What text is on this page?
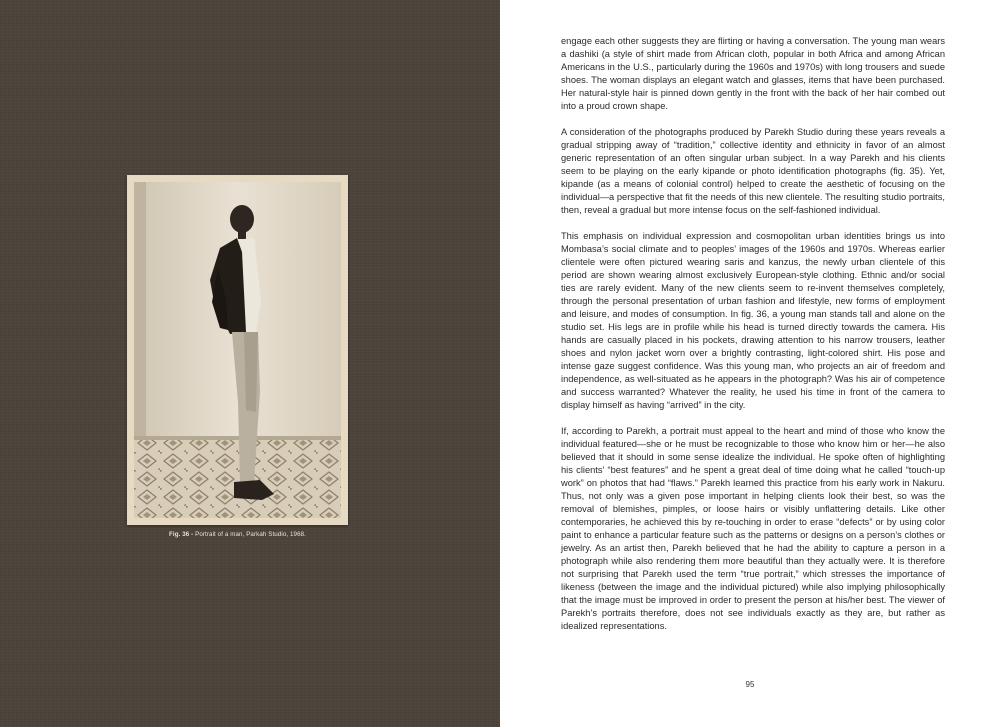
Fig. 36 - Portrait of a man, Parkah Studio, 1968.

engage each other suggests they are flirting or having a conversation. The young man wears a dashiki (a style of shirt made from African cloth, popular in both Africa and among African Americans in the U.S., particularly during the 1960s and 1970s) with long trousers and suede shoes. The woman displays an elegant watch and glasses, items that have been purchased. Her natural-style hair is pinned down gently in the front with the back of her hair combed out into a proud crown shape.

A consideration of the photographs produced by Parekh Studio during these years reveals a gradual stripping away of “tradition,” collective identity and ethnicity in favor of an almost generic representation of an often singular urban subject. In a way Parekh and his clients seem to be playing on the early kipande or photo identification photographs (fig. 35). Yet, kipande (as a means of colonial control) helped to create the aesthetic of focusing on the individual—a perspective that fit the needs of this new clientele. The resulting studio portraits, then, reveal a gradual but more intense focus on the self-fashioned individual.

This emphasis on individual expression and cosmopolitan urban identities brings us into Mombasa’s social climate and to peoples’ images of the 1960s and 1970s. Whereas earlier clientele were often pictured wearing saris and kanzus, the newly urban clientele of this period are shown wearing almost exclusively European-style clothing. Ethnic and/or social ties are rarely evident. Many of the new clients seem to re-invent themselves completely, through the personal presentation of urban fashion and lifestyle, new forms of employment and leisure, and modes of consumption. In fig. 36, a young man stands tall and alone on the studio set. His legs are in profile while his head is turned directly towards the camera. His hands are casually placed in his pockets, drawing attention to his narrow trousers, leather shoes and nylon jacket worn over a brightly contrasting, light-colored shirt. His pose and intense gaze suggest confidence. Was this young man, who projects an air of freedom and independence, as well-situated as he appears in the photograph? Was his air of competence and success warranted? Whatever the reality, he used his time in front of the camera to display himself as having “arrived” in the city.

If, according to Parekh, a portrait must appeal to the heart and mind of those who know the individual featured—she or he must be recognizable to those who know him or her—he also believed that it should in some sense idealize the individual. He spoke often of highlighting his clients’ “best features” and he spent a great deal of time doing what he called “touch-up work” on photos that had “flaws.” Parekh learned this practice from his early work in Nakuru. Thus, not only was a given pose important in helping clients look their best, so was the removal of blemishes, pimples, or loose hairs or visibly unflattering details. Like other contemporaries, he achieved this by re-touching in order to erase “defects” or by using color paint to enhance a particular feature such as the patterns or designs on a person’s clothes or jewelry. As an artist then, Parekh believed that he had the ability to capture a person in a photograph while also rendering them more beautiful than they actually were. It is therefore not surprising that Parekh used the term “true portrait,” which stresses the importance of likeness (between the image and the individual pictured) while also implying philosophically that the image must be improved in order to present the person at his/her best. The viewer of Parekh’s portraits therefore, does not see individuals exactly as they are, but rather as idealized representations.

95
